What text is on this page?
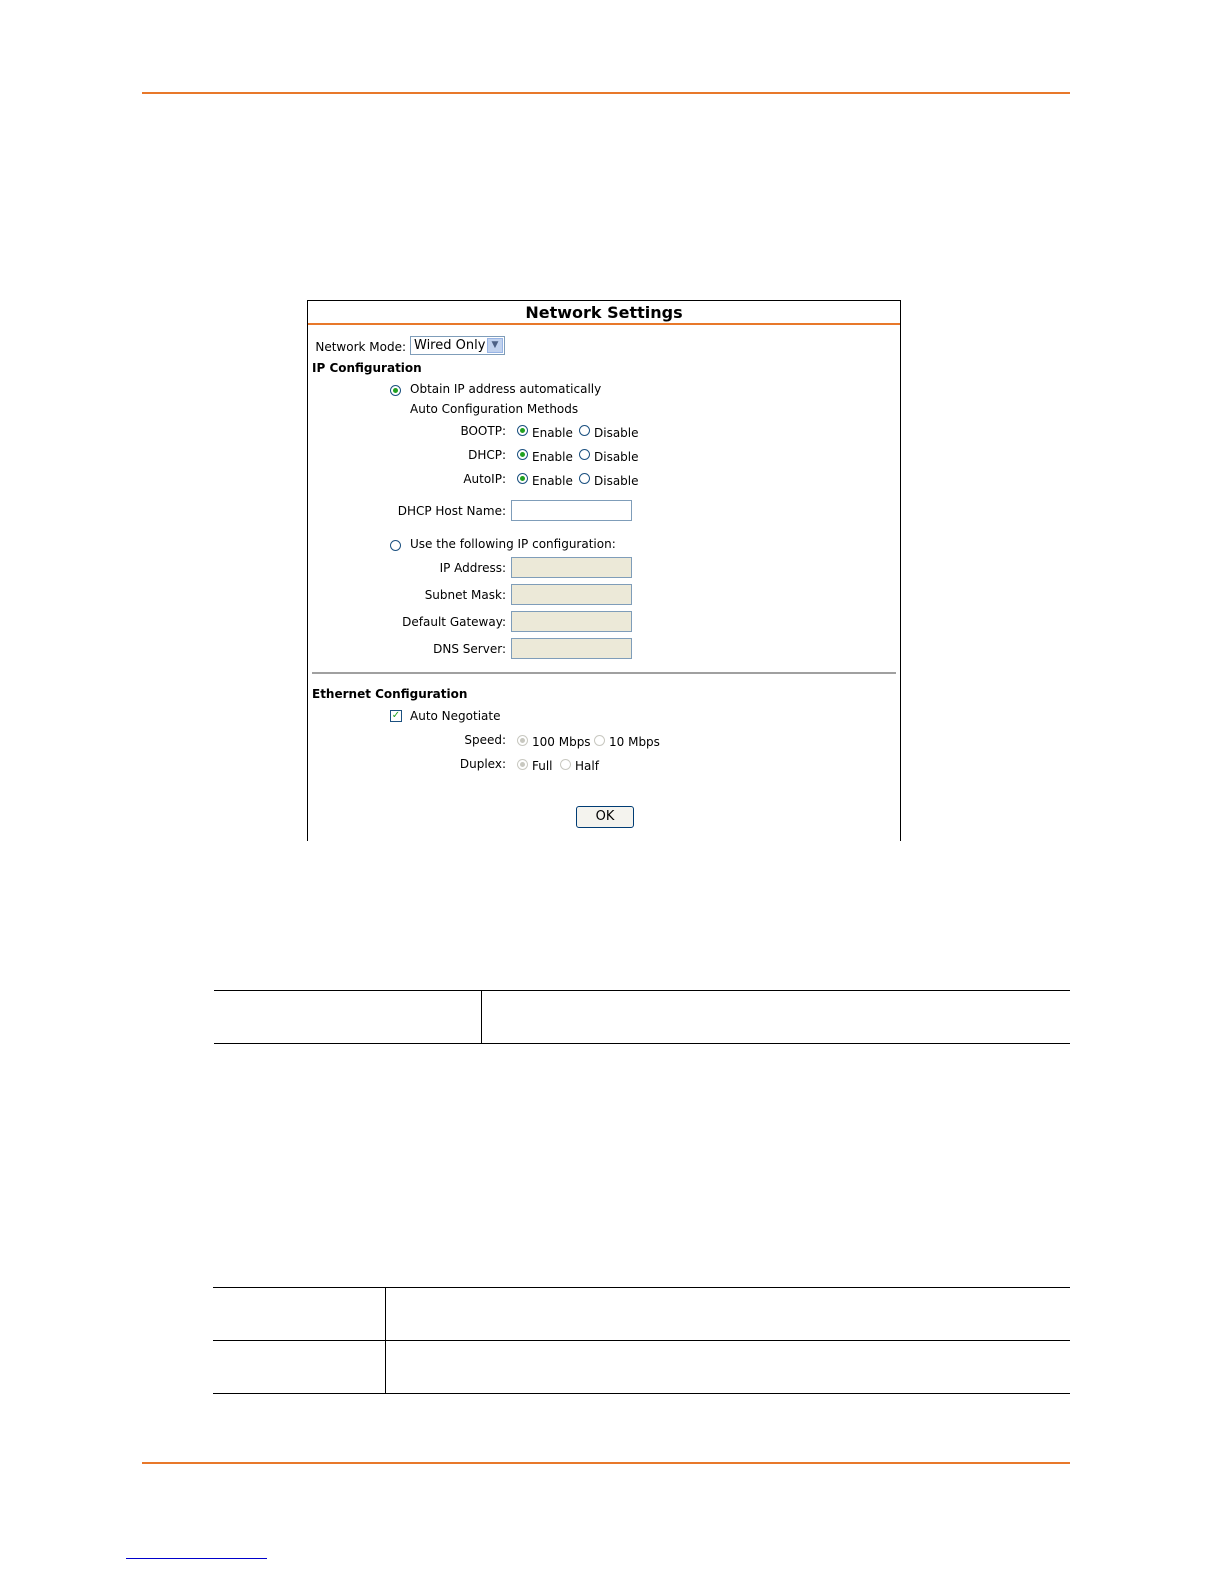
Network Settings
Network Mode: Wired Only ▼
IP Configuration
Obtain IP address automatically
Auto Configuration Methods
BOOTP: Enable Disable
DHCP: Enable Disable
AutoIP: Enable Disable
DHCP Host Name:
Use the following IP configuration:
IP Address:
Subnet Mask:
Default Gateway:
DNS Server:
Ethernet Configuration
✓ Auto Negotiate
Speed: 100 Mbps 10 Mbps
Duplex: Full Half
OK
